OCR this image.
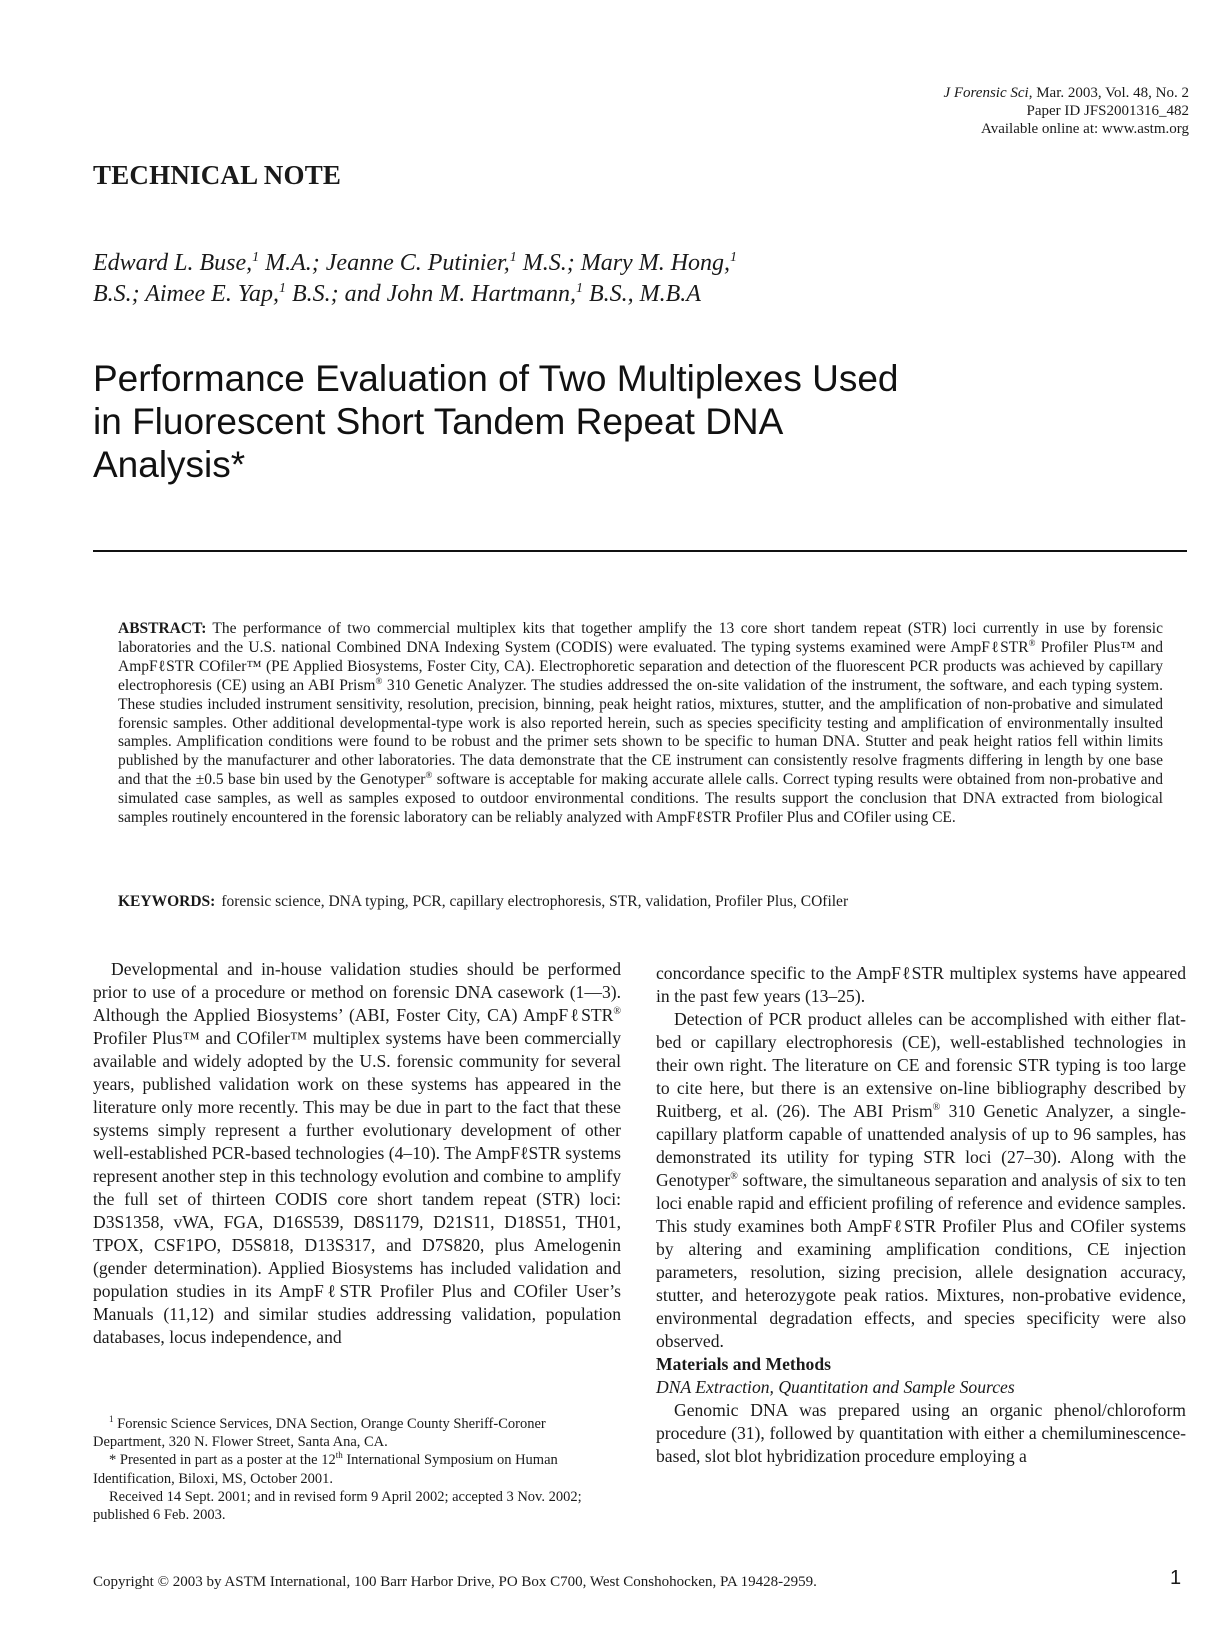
J Forensic Sci, Mar. 2003, Vol. 48, No. 2
Paper ID JFS2001316_482
Available online at: www.astm.org
TECHNICAL NOTE
Edward L. Buse,$^1$ M.A.; Jeanne C. Putinier,$^1$ M.S.; Mary M. Hong,$^1$
B.S.; Aimee E. Yap,$^1$ B.S.; and John M. Hartmann,$^1$ B.S., M.B.A
Performance Evaluation of Two Multiplexes Used
in Fluorescent Short Tandem Repeat DNA
Analysis*
ABSTRACT: The performance of two commercial multiplex kits that together amplify the 13 core short tandem repeat (STR) loci currently in use by forensic laboratories and the U.S. national Combined DNA Indexing System (CODIS) were evaluated. The typing systems examined were AmpFℓSTR® Profiler Plus™ and AmpFℓSTR COfiler™ (PE Applied Biosystems, Foster City, CA). Electrophoretic separation and detection of the fluorescent PCR products was achieved by capillary electrophoresis (CE) using an ABI Prism® 310 Genetic Analyzer. The studies addressed the on-site validation of the instrument, the software, and each typing system. These studies included instrument sensitivity, resolution, precision, binning, peak height ratios, mixtures, stutter, and the amplification of non-probative and simulated forensic samples. Other additional developmental-type work is also reported herein, such as species specificity testing and amplification of environmentally insulted samples. Amplification conditions were found to be robust and the primer sets shown to be specific to human DNA. Stutter and peak height ratios fell within limits published by the manufacturer and other laboratories. The data demonstrate that the CE instrument can consistently resolve fragments differing in length by one base and that the ±0.5 base bin used by the Genotyper® software is acceptable for making accurate allele calls. Correct typing results were obtained from non-probative and simulated case samples, as well as samples exposed to outdoor environmental conditions. The results support the conclusion that DNA extracted from biological samples routinely encountered in the forensic laboratory can be reliably analyzed with AmpFℓSTR Profiler Plus and COfiler using CE.
KEYWORDS: forensic science, DNA typing, PCR, capillary electrophoresis, STR, validation, Profiler Plus, COfiler

Developmental and in-house validation studies should be performed prior to use of a procedure or method on forensic DNA casework (1—3). Although the Applied Biosystems’ (ABI, Foster City, CA) AmpFℓSTR® Profiler Plus™ and COfiler™ multiplex systems have been commercially available and widely adopted by the U.S. forensic community for several years, published validation work on these systems has appeared in the literature only more recently. This may be due in part to the fact that these systems simply represent a further evolutionary development of other well-established PCR-based technologies (4–10). The AmpFℓSTR systems represent another step in this technology evolution and combine to amplify the full set of thirteen CODIS core short tandem repeat (STR) loci: D3S1358, vWA, FGA, D16S539, D8S1179, D21S11, D18S51, TH01, TPOX, CSF1PO, D5S818, D13S317, and D7S820, plus Amelogenin (gender determination). Applied Biosystems has included validation and population studies in its AmpFℓSTR Profiler Plus and COfiler User’s Manuals (11,12) and similar studies addressing validation, population databases, locus independence, and

concordance specific to the AmpFℓSTR multiplex systems have appeared in the past few years (13–25).

Detection of PCR product alleles can be accomplished with either flat-bed or capillary electrophoresis (CE), well-established technologies in their own right. The literature on CE and forensic STR typing is too large to cite here, but there is an extensive on-line bibliography described by Ruitberg, et al. (26). The ABI Prism® 310 Genetic Analyzer, a single-capillary platform capable of unattended analysis of up to 96 samples, has demonstrated its utility for typing STR loci (27–30). Along with the Genotyper® software, the simultaneous separation and analysis of six to ten loci enable rapid and efficient profiling of reference and evidence samples. This study examines both AmpFℓSTR Profiler Plus and COfiler systems by altering and examining amplification conditions, CE injection parameters, resolution, sizing precision, allele designation accuracy, stutter, and heterozygote peak ratios. Mixtures, non-probative evidence, environmental degradation effects, and species specificity were also observed.

Materials and Methods

DNA Extraction, Quantitation and Sample Sources

Genomic DNA was prepared using an organic phenol/chloroform procedure (31), followed by quantitation with either a chemiluminescence-based, slot blot hybridization procedure employing a

$^1$ Forensic Science Services, DNA Section, Orange County Sheriff-Coroner Department, 320 N. Flower Street, Santa Ana, CA.

* Presented in part as a poster at the 12th International Symposium on Human Identification, Biloxi, MS, October 2001.

Received 14 Sept. 2001; and in revised form 9 April 2002; accepted 3 Nov. 2002; published 6 Feb. 2003.

Copyright © 2003 by ASTM International, 100 Barr Harbor Drive, PO Box C700, West Conshohocken, PA 19428-2959.	1
